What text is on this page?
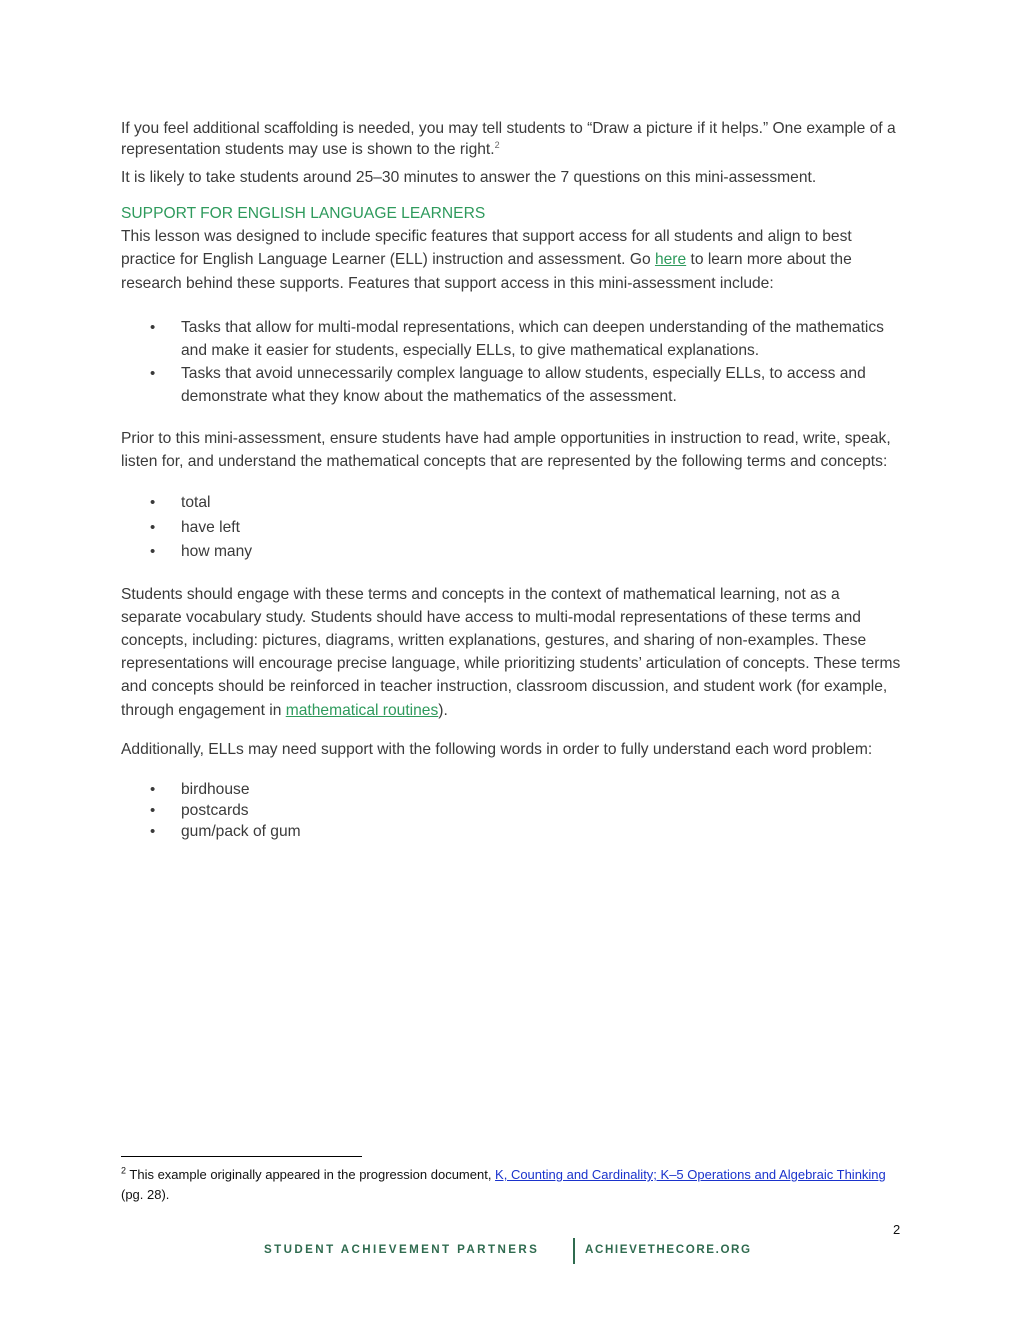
If you feel additional scaffolding is needed, you may tell students to “Draw a picture if it helps.” One example of a representation students may use is shown to the right.$^2$

It is likely to take students around 25–30 minutes to answer the 7 questions on this mini-assessment.

SUPPORT FOR ENGLISH LANGUAGE LEARNERS

This lesson was designed to include specific features that support access for all students and align to best practice for English Language Learner (ELL) instruction and assessment. Go here to learn more about the research behind these supports. Features that support access in this mini-assessment include:

• Tasks that allow for multi-modal representations, which can deepen understanding of the mathematics and make it easier for students, especially ELLs, to give mathematical explanations.
• Tasks that avoid unnecessarily complex language to allow students, especially ELLs, to access and demonstrate what they know about the mathematics of the assessment.

Prior to this mini-assessment, ensure students have had ample opportunities in instruction to read, write, speak, listen for, and understand the mathematical concepts that are represented by the following terms and concepts:

• total
• have left
• how many

Students should engage with these terms and concepts in the context of mathematical learning, not as a separate vocabulary study. Students should have access to multi-modal representations of these terms and concepts, including: pictures, diagrams, written explanations, gestures, and sharing of non-examples. These representations will encourage precise language, while prioritizing students’ articulation of concepts. These terms and concepts should be reinforced in teacher instruction, classroom discussion, and student work (for example, through engagement in mathematical routines).

Additionally, ELLs may need support with the following words in order to fully understand each word problem:

• birdhouse
• postcards
• gum/pack of gum
$^2$ This example originally appeared in the progression document, K, Counting and Cardinality; K–5 Operations and Algebraic Thinking (pg. 28).
2
STUDENT ACHIEVEMENT PARTNERS	ACHIEVETHECORE.ORG
